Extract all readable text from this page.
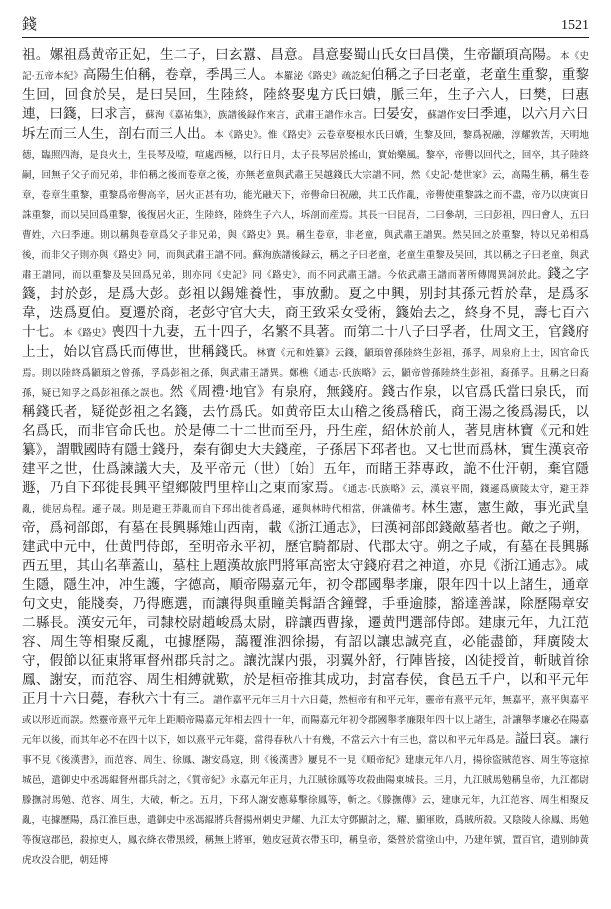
錢	1521

祖。嫘祖爲黄帝正妃，生二子，曰玄囂、昌意。昌意娶蜀山氏女曰昌僕，生帝顓頊高陽。本《史記·五帝本紀》高陽生伯稱，卷章，季禺三人。本羅泌《路史》疏訖紀伯稱之子曰老童，老童生重黎，重黎生回，回食於吴，是曰吴回，生陸終，陸終娶鬼方氏曰嬇，脈三年，生子六人，曰樊，曰惠連，曰籛，曰求言，蘇洵《嘉祐集》，族譜後録作來言，武肅王譜作永言。曰晏安，蘇譜作安曰季連，以六月六日坼左而三人生，剖右而三人出。本《路史》。惟《路史》云卷章娶根水氏曰嬌，生黎及回，黎爲祝融，淳耀敦苦，天明地德，臨照四海，是良火土，生長琴及噎，喧處西極，以行日月，太子長琴居於搖山，實始樂風。黎卒，帝嚳以回代之，回卒，其子陸終嗣，回無子父子而兄弟，非伯稱之後而卷章之後，亦無老童與武肅王吴越錢氏大宗譜不同，然《史記·楚世家》云，高陽生稱，稱生卷章，卷章生重黎，重黎爲帝嚳高辛，居火正甚有功，能光融天下，帝嚳命曰祝融，共工氏作亂，帝嚳使重黎誅之而不盡，帝乃以庚寅日誅重黎，而以吴回爲重黎，後復居火正，生陸終，陸終生子六人，坼剖而産焉。其長一曰昆吾，二曰參胡，三曰彭祖，四曰會人，五曰曹姓，六曰季連。則以稱與卷章爲父子非兄弟，與《路史》異。稱生卷章，非老童，與武肅王譜異。然吴回之於重黎，特以兄弟相爲後，而非父子則亦與《路史》同，而與武肅王譜不同。蘇洵族譜後録云，稱之子曰老童，老童生重黎及吴回，其以稱之子曰老童，與武肅王譜同，而以重黎及吴回爲兄弟，則亦同《史記》同《路史》，而不同武肅王譜。今依武肅王譜而著所傳聞異詞於此。錢之字籛，封於彭，是爲大彭。彭祖以錫雉養性，事放勳。夏之中興，别封其孫元哲於韋，是爲豕韋，迭爲夏伯。夏遷於商，老彭守官大夫，商王致采女受術，籛始去之，終身不見，壽七百六十七。本《路史》喪四十九妻，五十四子，名繁不具著。而第二十八子曰孚者，仕周文王，官錢府上士，始以官爲氏而傳世，世稱錢氏。林寶《元和姓纂》云錢，顓頊曾孫陸終生彭祖，孫孚，周泉府上士，因官命氏焉。則以陸終爲顓頊之曾孫，孚爲彭祖之孫，與武肅王譜異。鄭樵《通志·氏族略》云，顓帝曾孫陸終生彭祖，裔孫孚。且稱之曰裔孫，疑已知孚之爲彭祖孫之誤也。然《周禮·地官》有泉府，無錢府。錢古作泉，以官爲氏當曰泉氏，而稱錢氏者，疑從彭祖之名籛，去竹爲氏。如黄帝臣太山稽之後爲稽氏，商王湯之後爲湯氏，以名爲氏，而非官命氏也。於是傳二十二世而至丹，丹生産，紹休於前人，著見唐林寶《元和姓纂》，謂戰國時有隱士錢丹，秦有御史大夫錢産，子孫居下邳者也。又七世而爲林，實生漢哀帝建平之世，仕爲諫議大夫，及平帝元（世）〔始〕五年，而睹王莽專政，詭不仕汗朝，棄官隱遯，乃自下邳徙長興平望鄉陂門里梓山之東而家焉。《通志·氏族略》云，漢哀平間，錢遜爲廣陵太守，避王莽亂，徙居烏程。遜子晟。則是避王莽亂而自下邳出徙者爲遜，遜與林時代相當，併識備考。林生憲，憲生敵，事光武皇帝，爲祠部郎，有墓在長興縣雉山西南，載《浙江通志》，曰漢祠部郎錢敵墓者也。敵之子朔，建武中元中，仕黄門侍郎，至明帝永平初，歷官騎都尉、代郡太守。朔之子咸，有墓在長興縣西五里，其山名華蓋山，墓柱上題漢故旅門將軍高密太守錢府君之神道，亦見《浙江通志》。咸生隱，隱生冲，冲生護，字德高，順帝陽嘉元年，初令郡國舉孝廉，限年四十以上諸生，通章句文史，能牋奏，乃得應選，而讓得與重瞳美髯語含鐘聲，手垂逾膝，豁達善謀，除歷陽章安二縣長。漢安元年，司隸校尉趙峻爲太尉，辟讓西曹掾，遷黄門選部侍郎。建康元年，九江范容、周生等相聚反亂，屯據歷陽，藹覆淮泗徐揚，有詔以讓忠誠亮直，必能盡節，拜廣陵太守，假節以征東將軍督州郡兵討之。讓沈謀内張，羽翼外舒，行陣皆接，凶徒授首，斬賊首徐鳳、謝安，而范容、周生相縛就歎，於是桓帝推其成功，封富春侯，食邑五千户，以和平元年正月十六日薨，春秋六十有三。譜作嘉平元年三月十六日薨，然桓帝有和平元年，靈帝有熹平元年，無嘉平，熹平與嘉平或以形近而誤。然靈帝熹平元年上距順帝陽嘉元年相去四十一年，而陽嘉元年初令郡國舉孝廉限年四十以上諸生，計讓舉孝廉必在陽嘉元年以後，而其年必不在四十以下，如以熹平元年薨，當得春秋八十有幾，不當云六十有三也，當以和平元年爲是。謚曰哀。讓行事不見《後漢書》，而范容、周生、徐鳳、謝安爲寇，則《後漢書》屢見不一見《順帝紀》建康元年八月，揚徐盜賊范容、周生等寇掠城邑，遣御史中丞馮緄督州郡兵討之，《質帝紀》永嘉元年正月，九江賊徐鳳等攻殺曲陽東城長。三月，九江賊馬勉稱皇帝，九江都尉滕撫討馬勉、范容、周生，大破，斬之。五月，下邳人謝安應募擊徐鳳等，斬之。《滕撫傳》云，建康元年，九江范容、周生相聚反亂，屯據歷陽，爲江淮巨患，遣御史中丞馮緄將兵督揚州刺史尹耀、九江太守鄧顯討之，耀、顯軍敗，爲賊所殺。又陰陵人徐鳳、馬勉等復寇郡邑，殺掠吏人，鳳衣絳衣帶黑綬，稱無上將軍，勉皮冠黄衣帶玉印，稱皇帝，築營於當塗山中，乃建年號，置百官，遣别帥黄虎攻没合肥，朝廷博
